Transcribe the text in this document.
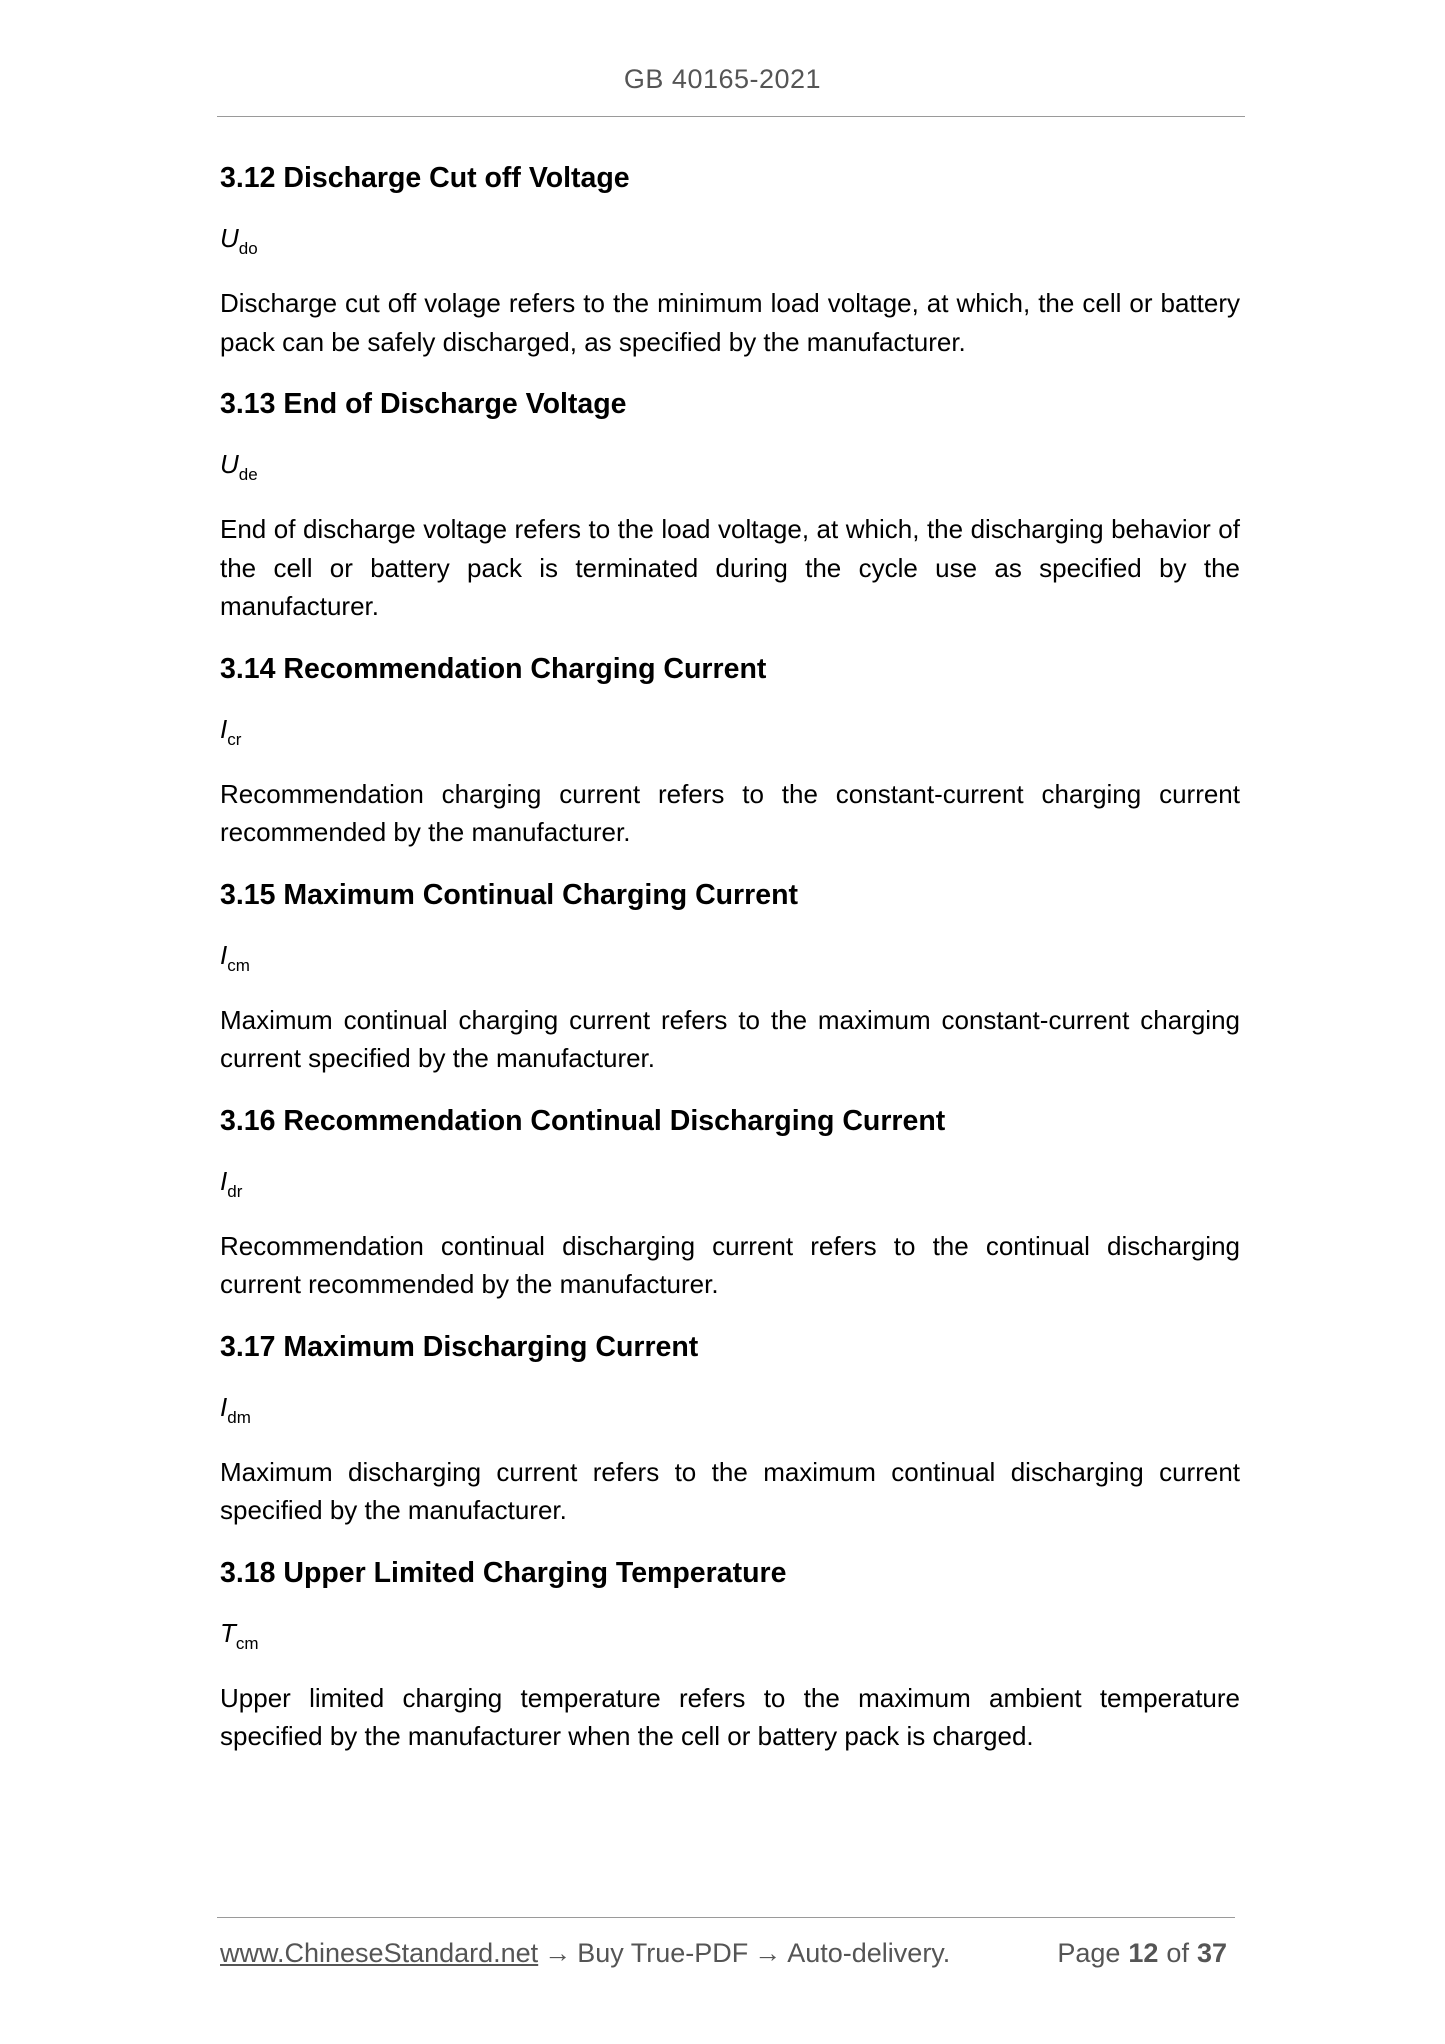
GB 40165-2021
3.12 Discharge Cut off Voltage
$U_{do}$
Discharge cut off volage refers to the minimum load voltage, at which, the cell or battery pack can be safely discharged, as specified by the manufacturer.
3.13 End of Discharge Voltage
$U_{de}$
End of discharge voltage refers to the load voltage, at which, the discharging behavior of the cell or battery pack is terminated during the cycle use as specified by the manufacturer.
3.14 Recommendation Charging Current
$I_{cr}$
Recommendation charging current refers to the constant-current charging current recommended by the manufacturer.
3.15 Maximum Continual Charging Current
$I_{cm}$
Maximum continual charging current refers to the maximum constant-current charging current specified by the manufacturer.
3.16 Recommendation Continual Discharging Current
$I_{dr}$
Recommendation continual discharging current refers to the continual discharging current recommended by the manufacturer.
3.17 Maximum Discharging Current
$I_{dm}$
Maximum discharging current refers to the maximum continual discharging current specified by the manufacturer.
3.18 Upper Limited Charging Temperature
$T_{cm}$
Upper limited charging temperature refers to the maximum ambient temperature specified by the manufacturer when the cell or battery pack is charged.
www.ChineseStandard.net → Buy True-PDF → Auto-delivery.	Page 12 of 37
